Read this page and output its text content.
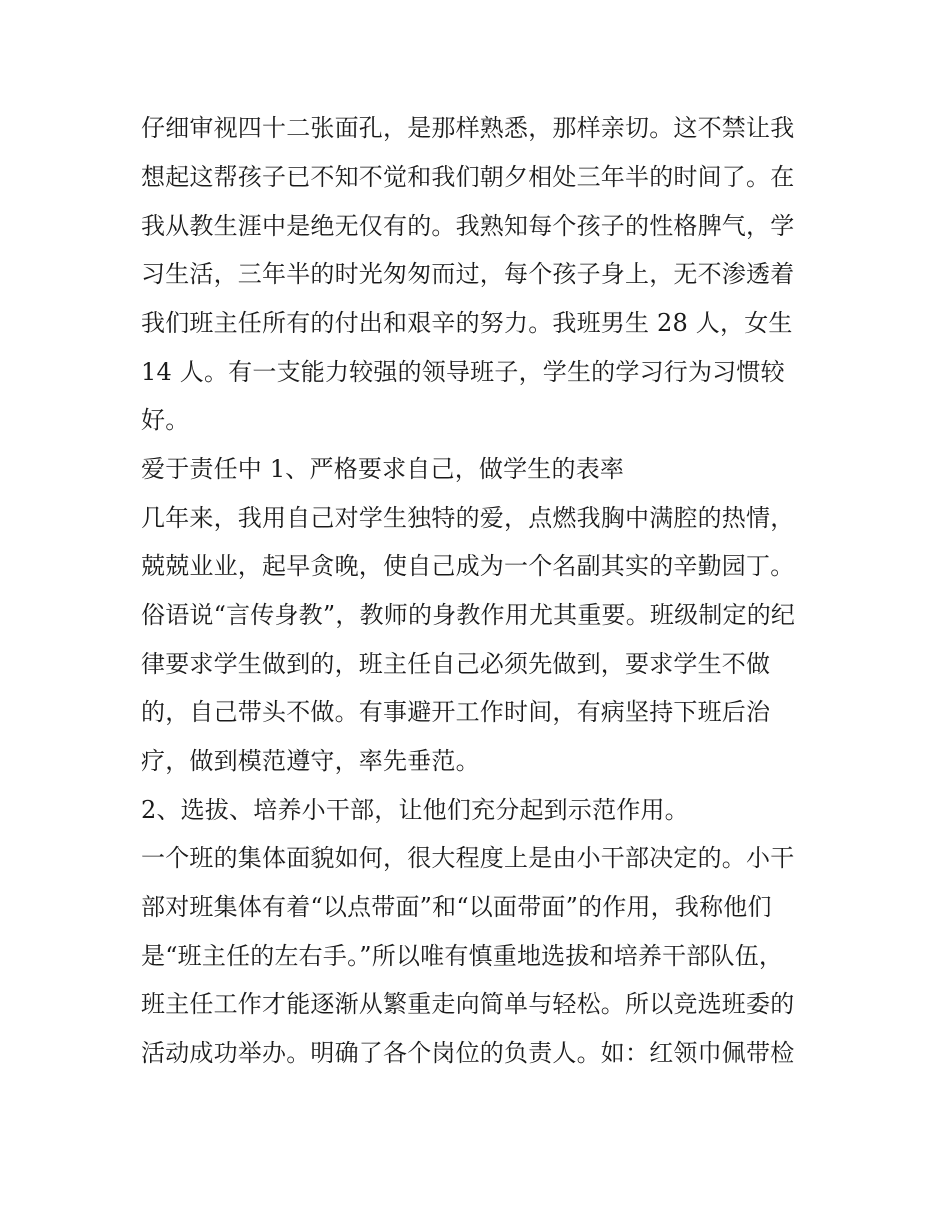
仔细审视四十二张面孔，是那样熟悉，那样亲切。这不禁让我
想起这帮孩子已不知不觉和我们朝夕相处三年半的时间了。在
我从教生涯中是绝无仅有的。我熟知每个孩子的性格脾气，学
习生活，三年半的时光匆匆而过，每个孩子身上，无不渗透着
我们班主任所有的付出和艰辛的努力。我班男生 28 人，女生
14 人。有一支能力较强的领导班子，学生的学习行为习惯较
好。
爱于责任中 1、严格要求自己，做学生的表率
几年来，我用自己对学生独特的爱，点燃我胸中满腔的热情，
兢兢业业，起早贪晚，使自己成为一个名副其实的辛勤园丁。
俗语说“言传身教”，教师的身教作用尤其重要。班级制定的纪
律要求学生做到的，班主任自己必须先做到，要求学生不做
的，自己带头不做。有事避开工作时间，有病坚持下班后治
疗，做到模范遵守，率先垂范。
2、选拔、培养小干部，让他们充分起到示范作用。
一个班的集体面貌如何，很大程度上是由小干部决定的。小干
部对班集体有着“以点带面”和“以面带面”的作用，我称他们
是“班主任的左右手。”所以唯有慎重地选拔和培养干部队伍，
班主任工作才能逐渐从繁重走向简单与轻松。所以竞选班委的
活动成功举办。明确了各个岗位的负责人。如：红领巾佩带检
